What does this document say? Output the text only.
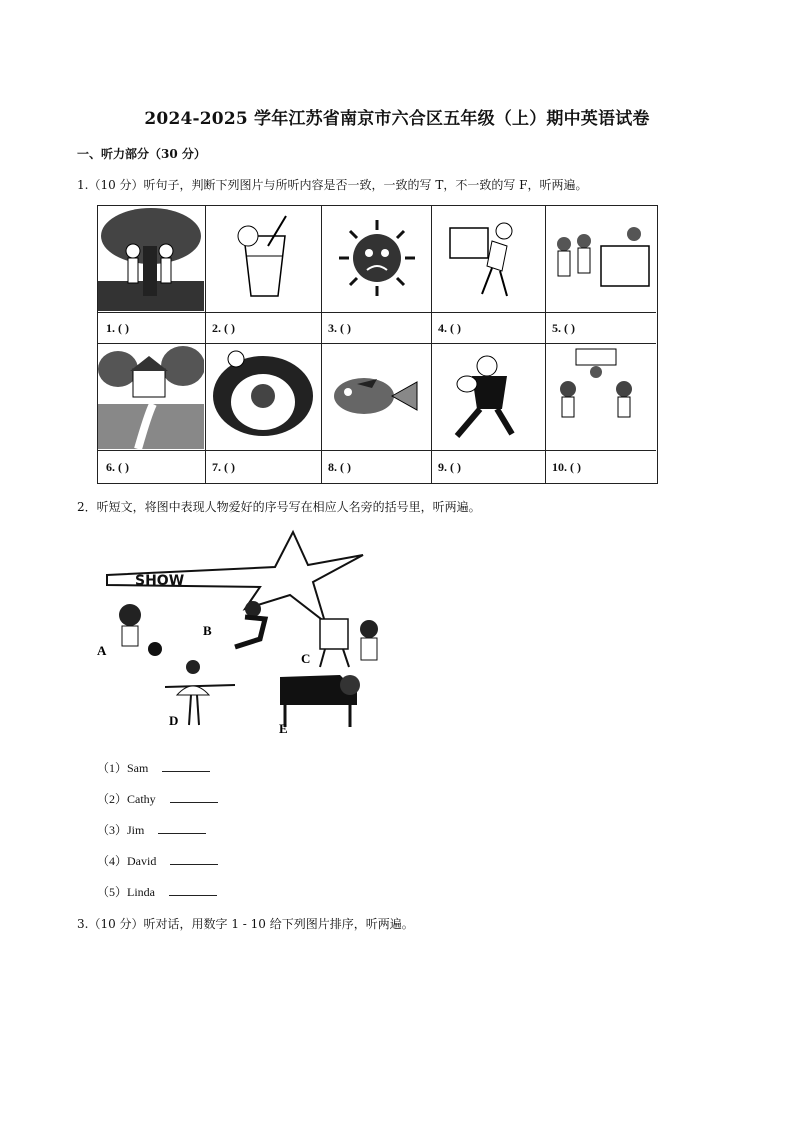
2024-2025 学年江苏省南京市六合区五年级（上）期中英语试卷
一、听力部分（30 分）
1.（10 分）听句子，判断下列图片与所听内容是否一致，一致的写 T，不一致的写 F，听两遍。
1. ( )	2. ( )	3. ( )	4. ( )	5. ( )
6. ( )	7. ( )	8. ( )	9. ( )	10. ( )
2．听短文，将图中表现人物爱好的序号写在相应人名旁的括号里，听两遍。
SHOW
A
B
C
D
E
（1）Sam
（2）Cathy
（3）Jim
（4）David
（5）Linda
3.（10 分）听对话，用数字 1 - 10 给下列图片排序，听两遍。
